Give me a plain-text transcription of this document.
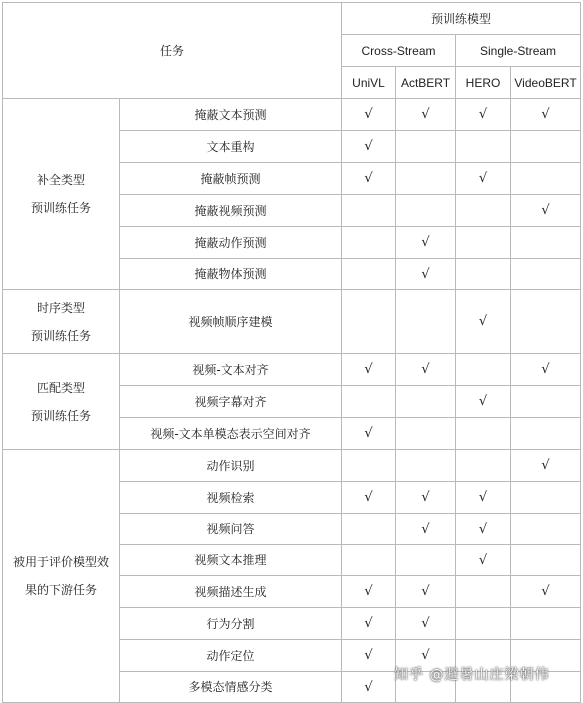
任务		预训练模型			
		Cross-Stream		Single-Stream	
		UniVL	ActBERT	HERO	VideoBERT

补全类型
预训练任务	掩蔽文本预测	√	√	√	√
	文本重构	√			
	掩蔽帧预测	√		√	
	掩蔽视频预测				√
	掩蔽动作预测		√		
	掩蔽物体预测		√		

时序类型
预训练任务	视频帧顺序建模			√	

匹配类型
预训练任务	视频-文本对齐	√	√		√
	视频字幕对齐			√	
	视频-文本单模态表示空间对齐	√			

被用于评价模型效
果的下游任务	动作识别				√
	视频检索	√	√	√	
	视频问答		√	√	
	视频文本推理			√	
	视频描述生成	√	√		√
	行为分割	√	√		
	动作定位	√	√		
	多模态情感分类	√			
知乎 @避暑山庄梁朝伟
